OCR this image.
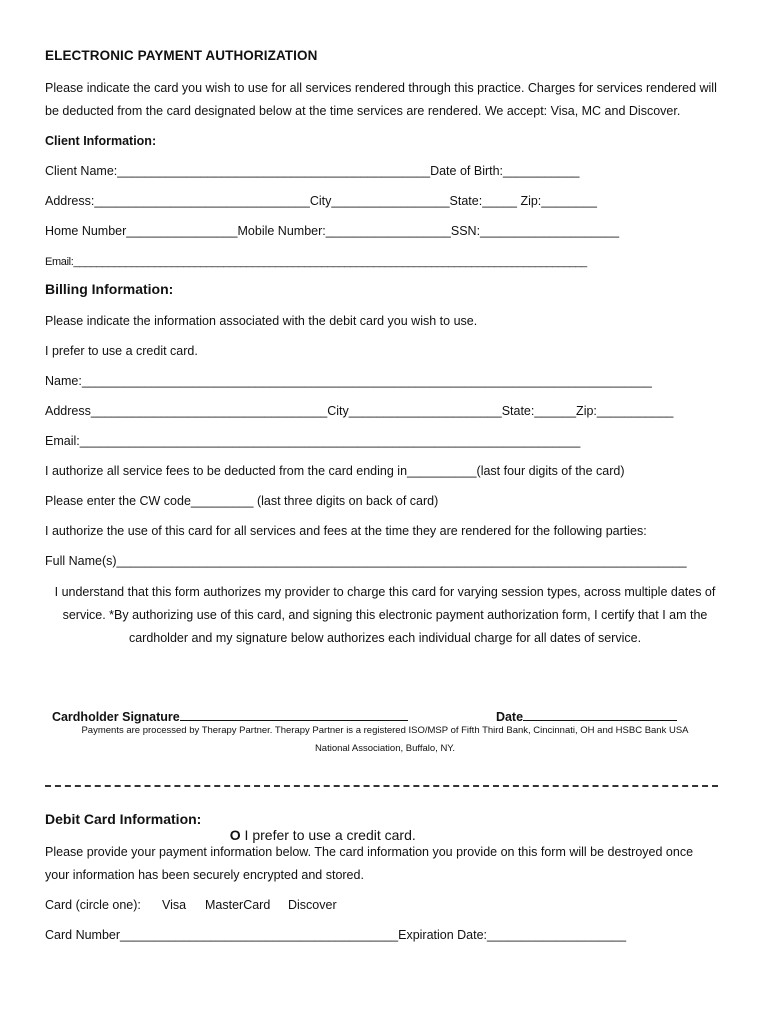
ELECTRONIC PAYMENT AUTHORIZATION
Please indicate the card you wish to use for all services rendered through this practice. Charges for services rendered will
be deducted from the card designated below at the time services are rendered. We accept: Visa, MC and Discover.
Client Information:
Client Name:_____________________________________________Date of Birth:___________
Address:_______________________________City_________________State:_____ Zip:________
Home Number________________Mobile Number:__________________SSN:____________________
Email:_________________________________________________________________________________________
Billing Information:
Please indicate the information associated with the debit card you wish to use.
I prefer to use a credit card.
Name:__________________________________________________________________________________
Address__________________________________City______________________State:______Zip:___________
Email:________________________________________________________________________
I authorize all service fees to be deducted from the card ending in__________(last four digits of the card)
Please enter the CW code_________ (last three digits on back of card)
I authorize the use of this card for all services and fees at the time they are rendered for the following parties:
Full Name(s)__________________________________________________________________________________
I understand that this form authorizes my provider to charge this card for varying session types, across multiple dates of
service. *By authorizing use of this card, and signing this electronic payment authorization form, I certify that I am the
cardholder and my signature below authorizes each individual charge for all dates of service.

Cardholder Signature	Date

Payments are processed by Therapy Partner. Therapy Partner is a registered ISO/MSP of Fifth Third Bank, Cincinnati, OH and HSBC Bank USA
National Association, Buffalo, NY.
Debit Card Information:

O I prefer to use a credit card.

Please provide your payment information below. The card information you provide on this form will be destroyed once
your information has been securely encrypted and stored.
Card (circle one): Visa MasterCard Discover
Card Number________________________________________Expiration Date:____________________
